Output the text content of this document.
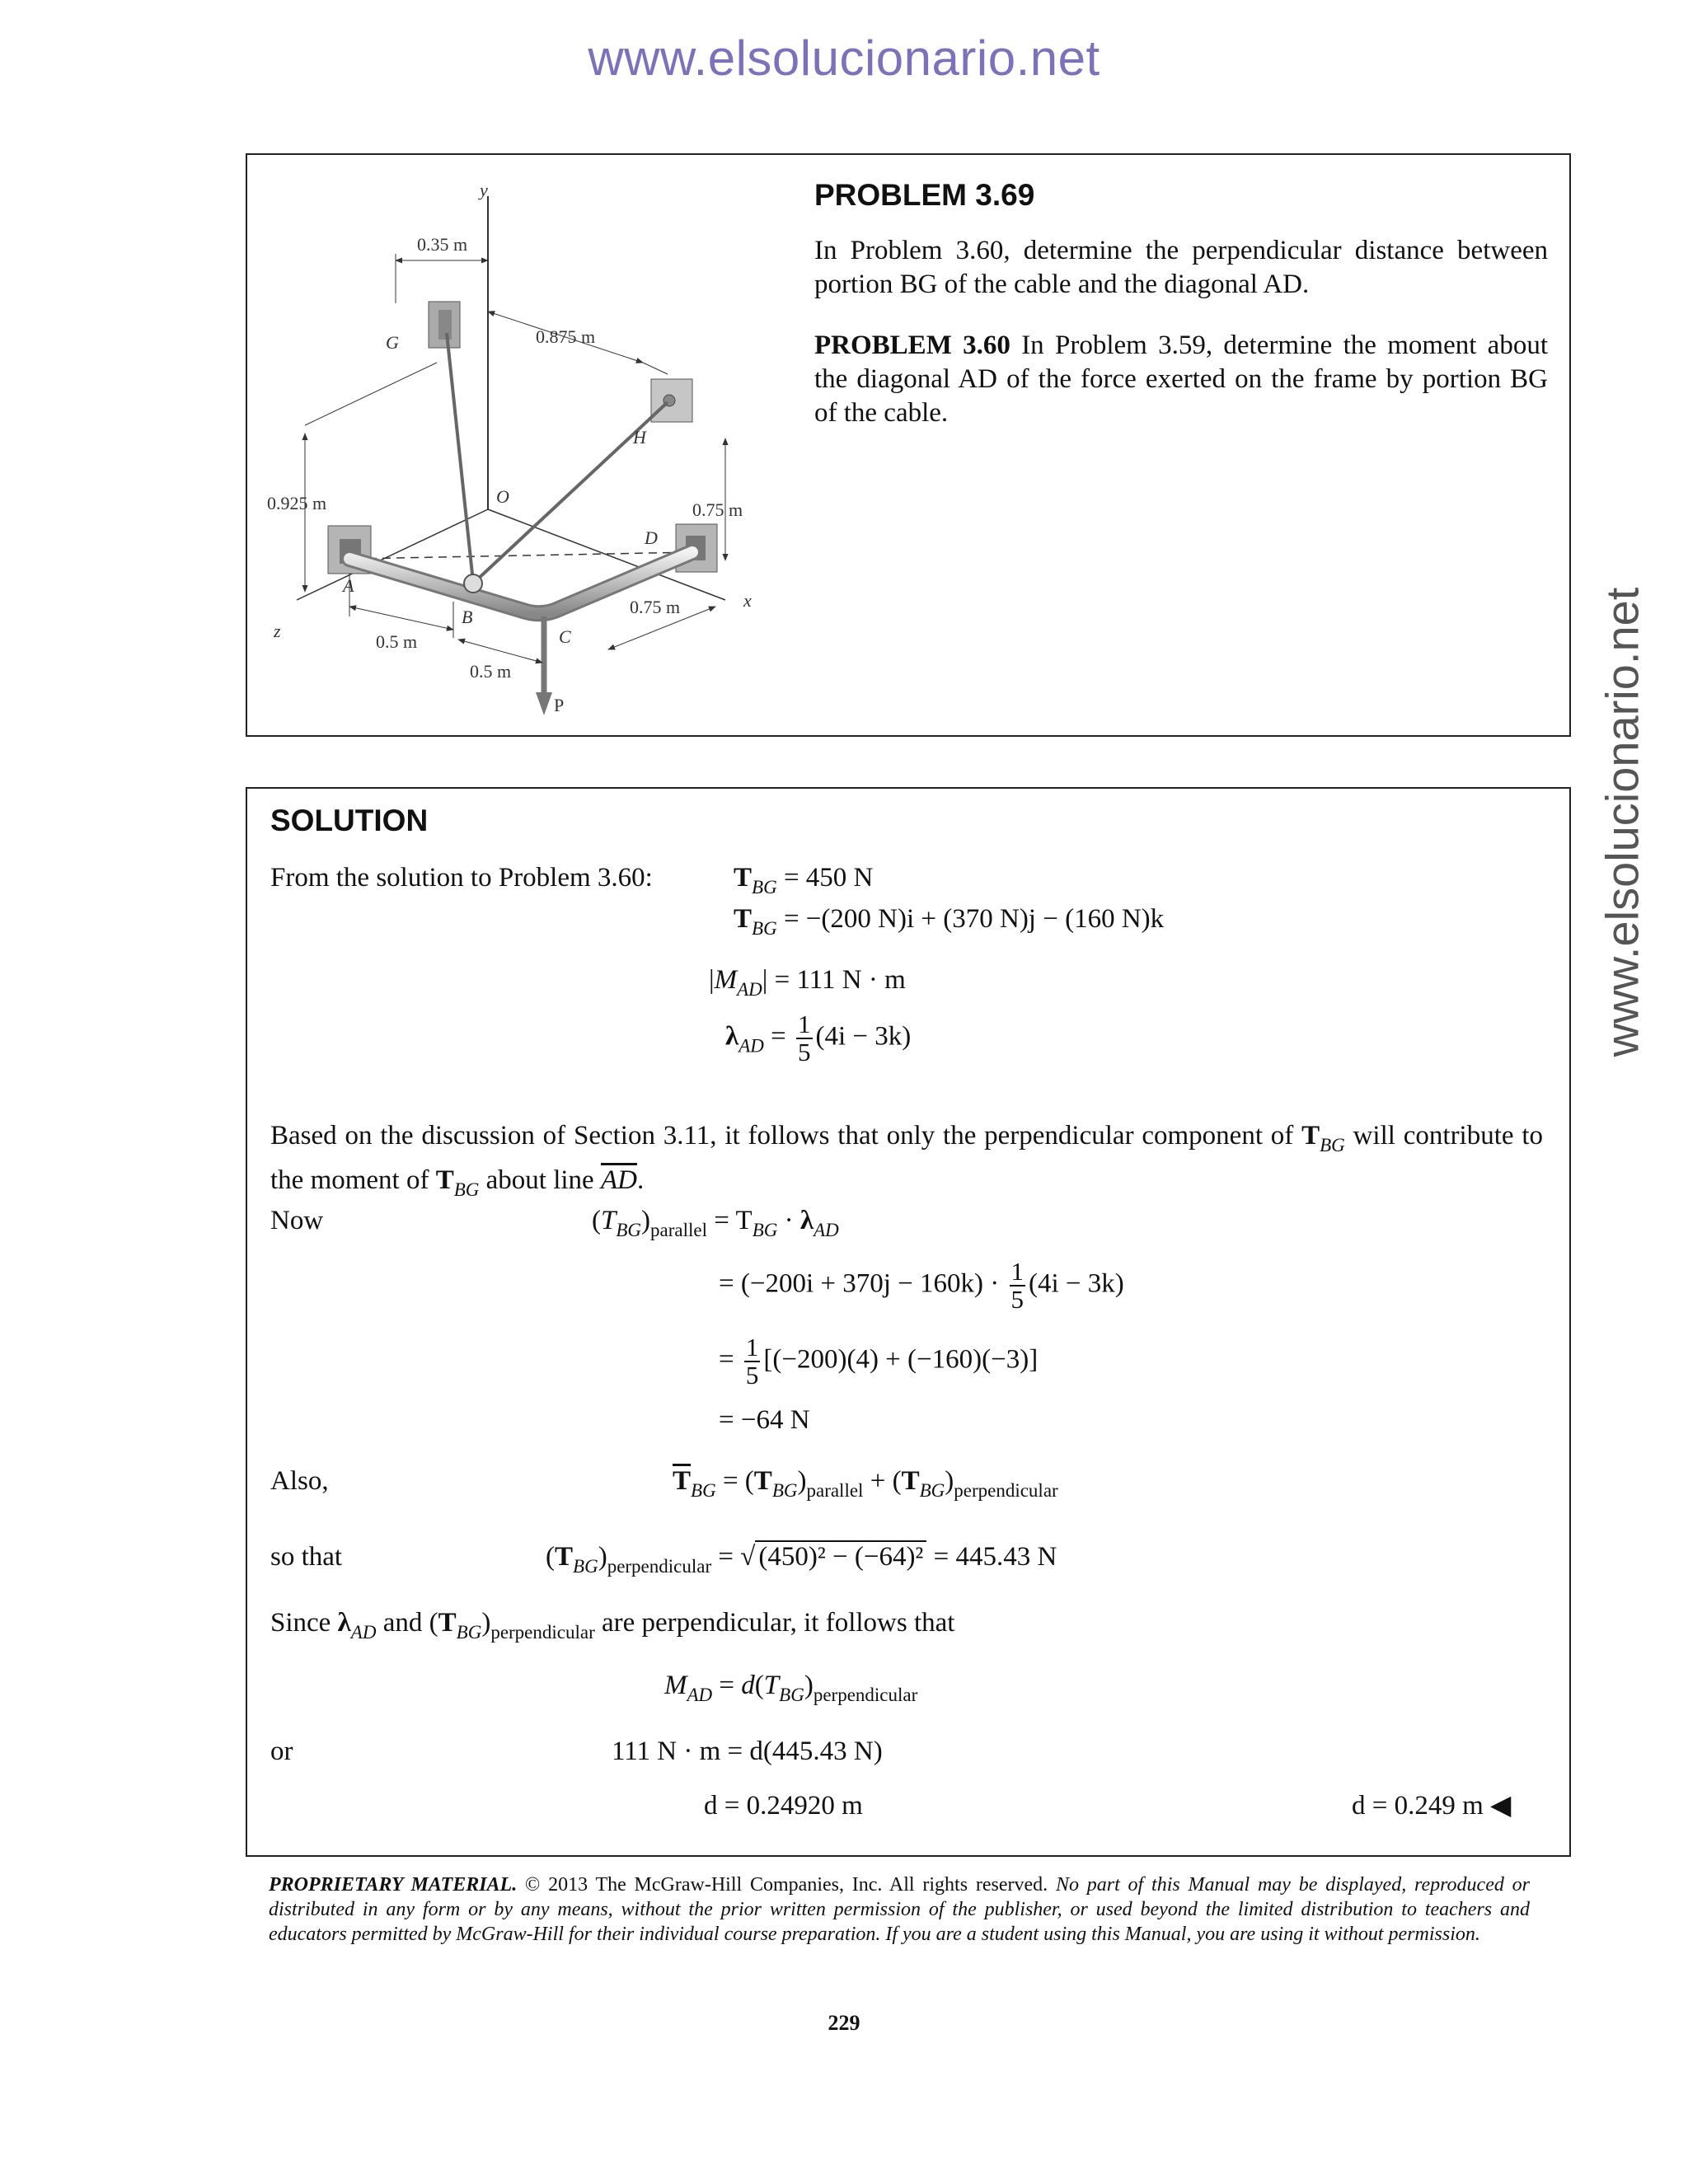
www.elsolucionario.net
www.elsolucionario.net
y
x
z
O
P
G
H
A
B
C
D
0.35 m
0.875 m
0.925 m	0.75 m
0.75 m
0.5 m
0.5 m

PROBLEM 3.69

In Problem 3.60, determine the perpendicular distance between portion BG of the cable and the diagonal AD.

PROBLEM 3.60 In Problem 3.59, determine the moment about the diagonal AD of the force exerted on the frame by portion BG of the cable.

SOLUTION

From the solution to Problem 3.60:	$T_{BG} = 450$ N
$T_{BG} = -(200$ N)i + (370 N)j − (160 N)k
$|M_{AD}| = 111$ N · m
$\lambda_{AD} = \frac{1}{5} (4i - 3k)$
Based on the discussion of Section 3.11, it follows that only the perpendicular component of $T_{BG}$ will contribute to the moment of $T_{BG}$ about line $\overline{AD}$.
Now	$(T_{BG})_{parallel} = T_{BG} \cdot \lambda_{AD}$
= $(-200i + 370j - 160k) \cdot \frac{1}{5} (4i - 3k)$
= $\frac{1}{5} [(-200)(4) + (-160)(-3)]$
= −64 N
Also,	$\overline{T}_{BG} = (T_{BG})_{parallel} + (T_{BG})_{perpendicular}$
so that	$(T_{BG})_{perpendicular}$ = √ (450)² − (−64)² = 445.43 N
Since $\lambda_{AD}$ and $(T_{BG})_{perpendicular}$ are perpendicular, it follows that
$M_{AD} = d(T_{BG})_{perpendicular}$
or	111 N · m = d(445.43 N)
d = 0.24920 m	d = 0.249 m ◀
PROPRIETARY MATERIAL. © 2013 The McGraw-Hill Companies, Inc. All rights reserved. No part of this Manual may be displayed, reproduced or distributed in any form or by any means, without the prior written permission of the publisher, or used beyond the limited distribution to teachers and educators permitted by McGraw-Hill for their individual course preparation. If you are a student using this Manual, you are using it without permission.
229
